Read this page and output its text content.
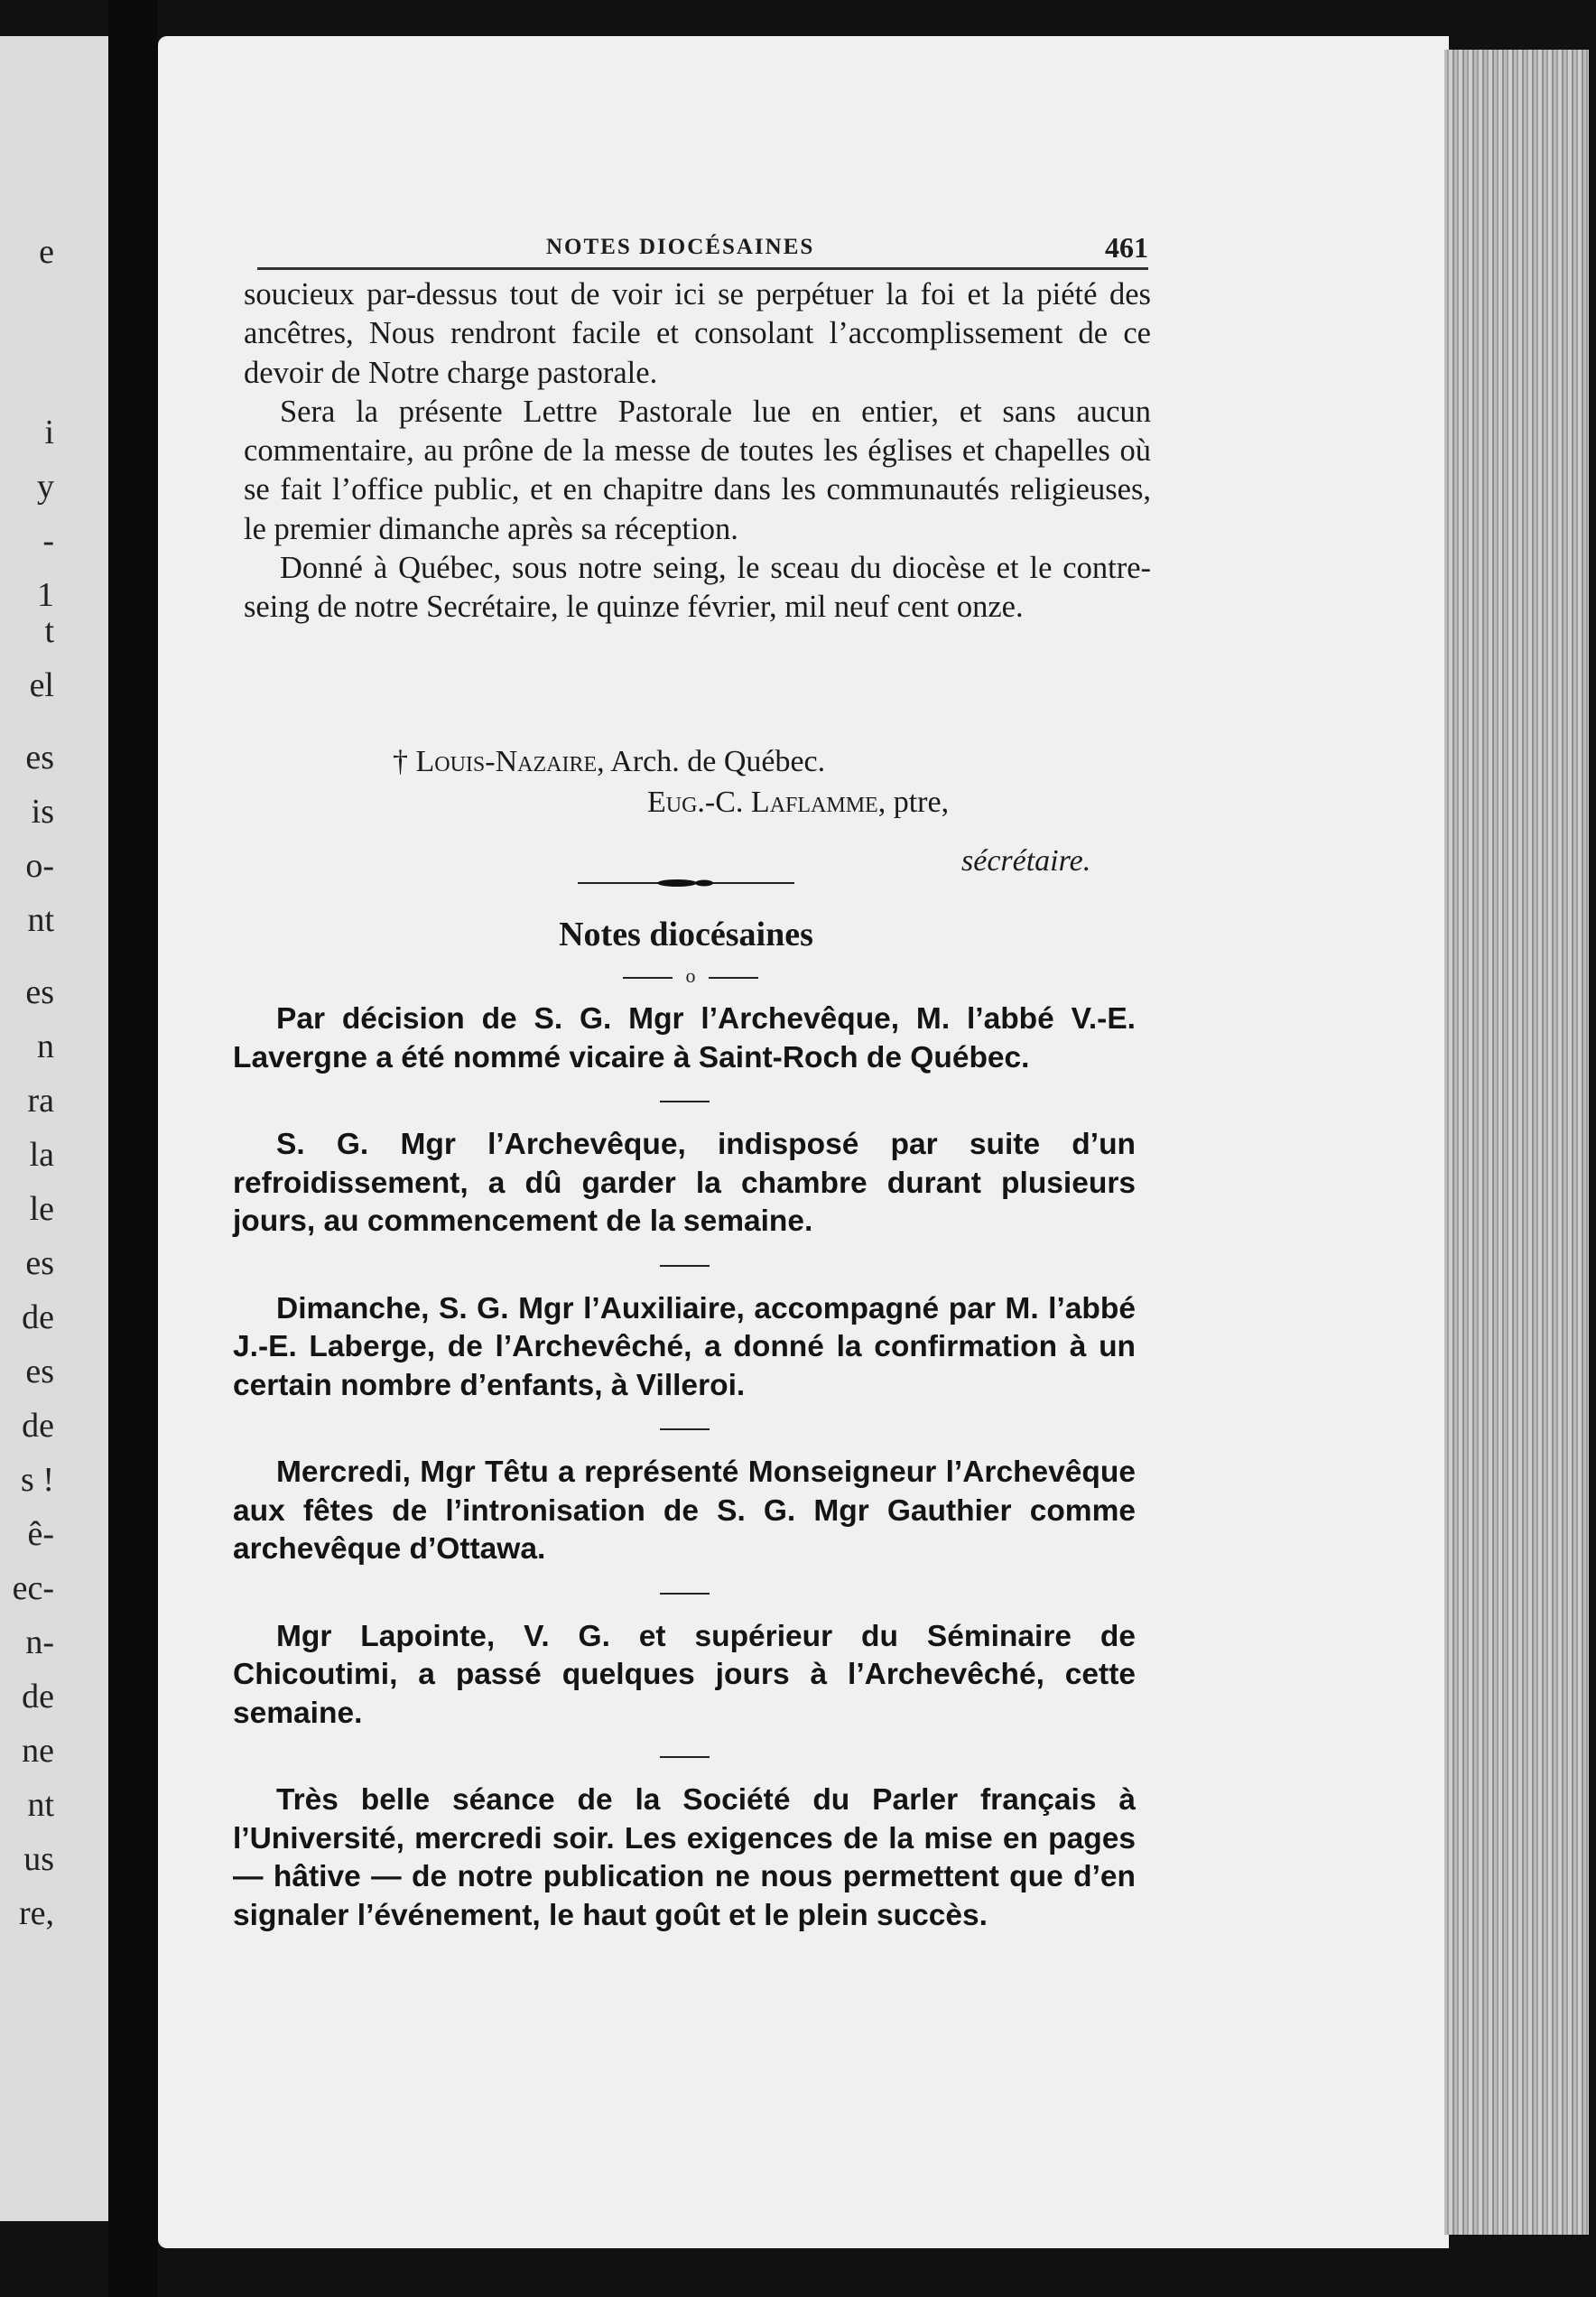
e
i
y
-
1
t
el
es
is
o-
nt
es
n
ra
la
le
es
de
es
de
s !
ê-
ec-
n-
de
ne
nt
us
re,
NOTES DIOCÉSAINES	461

soucieux par-dessus tout de voir ici se perpétuer la foi et la piété des ancêtres, Nous rendront facile et consolant l’accomplissement de ce devoir de Notre charge pastorale.

Sera la présente Lettre Pastorale lue en entier, et sans aucun commentaire, au prône de la messe de toutes les églises et chapelles où se fait l’office public, et en chapitre dans les communautés religieuses, le premier dimanche après sa réception.

Donné à Québec, sous notre seing, le sceau du diocèse et le contre-seing de notre Secrétaire, le quinze février, mil neuf cent onze.

† Louis-Nazaire, Arch. de Québec.
Eug.-C. Laflamme, ptre,
sécrétaire.
Notes diocésaines
o

Par décision de S. G. Mgr l’Archevêque, M. l’abbé V.-E. Lavergne a été nommé vicaire à Saint-Roch de Québec.

S. G. Mgr l’Archevêque, indisposé par suite d’un refroidissement, a dû garder la chambre durant plusieurs jours, au commencement de la semaine.

Dimanche, S. G. Mgr l’Auxiliaire, accompagné par M. l’abbé J.-E. Laberge, de l’Archevêché, a donné la confirmation à un certain nombre d’enfants, à Villeroi.

Mercredi, Mgr Têtu a représenté Monseigneur l’Archevêque aux fêtes de l’intronisation de S. G. Mgr Gauthier comme archevêque d’Ottawa.

Mgr Lapointe, V. G. et supérieur du Séminaire de Chicoutimi, a passé quelques jours à l’Archevêché, cette semaine.

Très belle séance de la Société du Parler français à l’Université, mercredi soir. Les exigences de la mise en pages — hâtive — de notre publication ne nous permettent que d’en signaler l’événement, le haut goût et le plein succès.
